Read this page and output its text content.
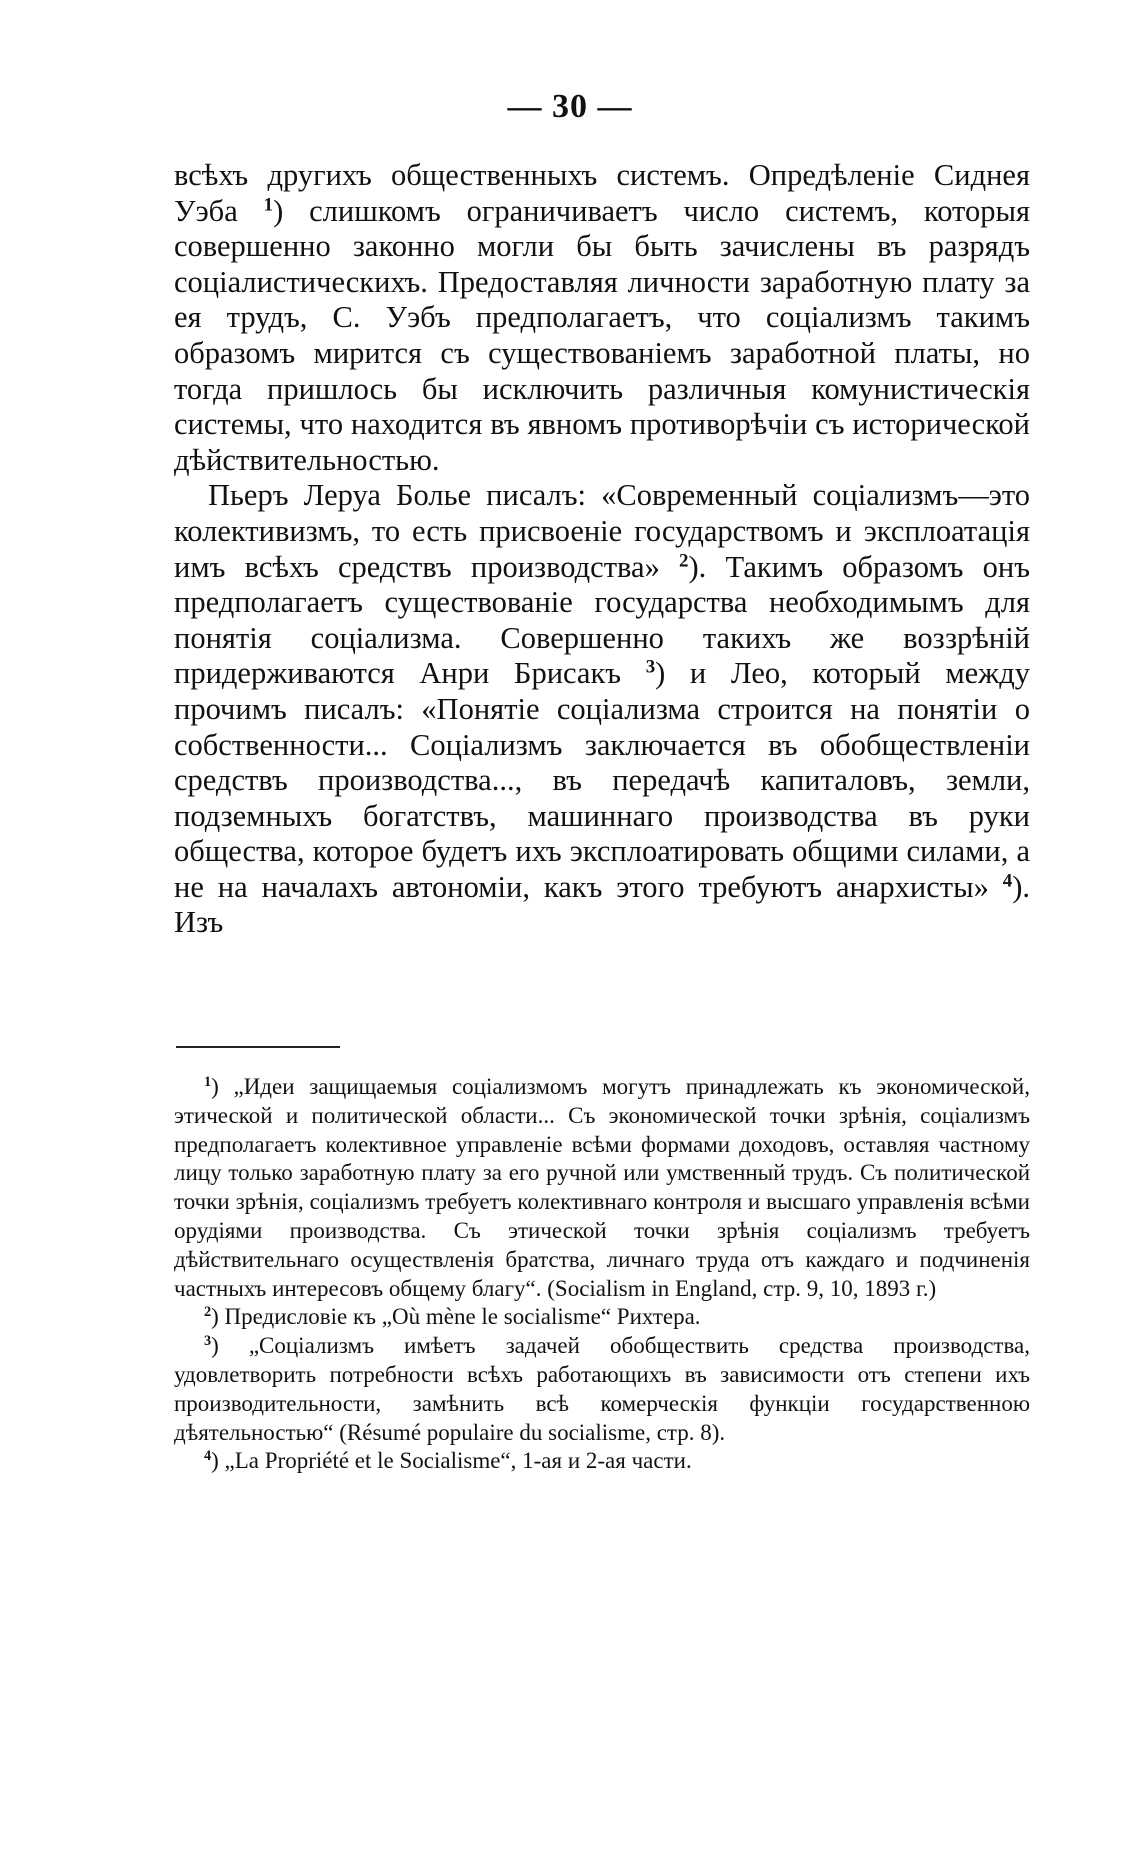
— 30 —

всѣхъ другихъ общественныхъ системъ. Опредѣленіе Сиднея Уэба $^1$) слишкомъ ограничиваетъ число системъ, которыя совершенно законно могли бы быть зачислены въ разрядъ соціалистическихъ. Предоставляя личности заработную плату за ея трудъ, С. Уэбъ предполагаетъ, что соціализмъ такимъ образомъ мирится съ существованіемъ заработной платы, но тогда пришлось бы исключить различныя комунистическія системы, что находится въ явномъ противорѣчіи съ исторической дѣйствительностью.

Пьеръ Леруа Болье писалъ: «Современный соціализмъ—это колективизмъ, то есть присвоеніе государствомъ и эксплоатація имъ всѣхъ средствъ производства» $^2$). Такимъ образомъ онъ предполагаетъ существованіе государства необходимымъ для понятія соціализма. Совершенно такихъ же воззрѣній придерживаются Анри Брисакъ $^3$) и Лео, который между прочимъ писалъ: «Понятіе соціализма строится на понятіи о собственности... Соціализмъ заключается въ обобществленіи средствъ производства..., въ передачѣ капиталовъ, земли, подземныхъ богатствъ, машиннаго производства въ руки общества, которое будетъ ихъ эксплоатировать общими силами, а не на началахъ автономіи, какъ этого требуютъ анархисты» $^4$). Изъ

$^1$) „Идеи защищаемыя соціализмомъ могутъ принадлежать къ экономической, этической и политической области... Съ экономической точки зрѣнія, соціализмъ предполагаетъ колективное управленіе всѣми формами доходовъ, оставляя частному лицу только заработную плату за его ручной или умственный трудъ. Съ политической точки зрѣнія, соціализмъ требуетъ колективнаго контроля и высшаго управленія всѣми орудіями производства. Съ этической точки зрѣнія соціализмъ требуетъ дѣйствительнаго осуществленія братства, личнаго труда отъ каждаго и подчиненія частныхъ интересовъ общему благу“. (Socialism in England, стр. 9, 10, 1893 г.)

$^2$) Предисловіе къ „Où mène le socialisme“ Рихтера.

$^3$) „Соціализмъ имѣетъ задачей обобществить средства производства, удовлетворить потребности всѣхъ работающихъ въ зависимости отъ степени ихъ производительности, замѣнить всѣ комерческія функціи государственною дѣятельностью“ (Résumé populaire du socialisme, стр. 8).

$^4$) „La Propriété et le Socialisme“, 1-ая и 2-ая части.
